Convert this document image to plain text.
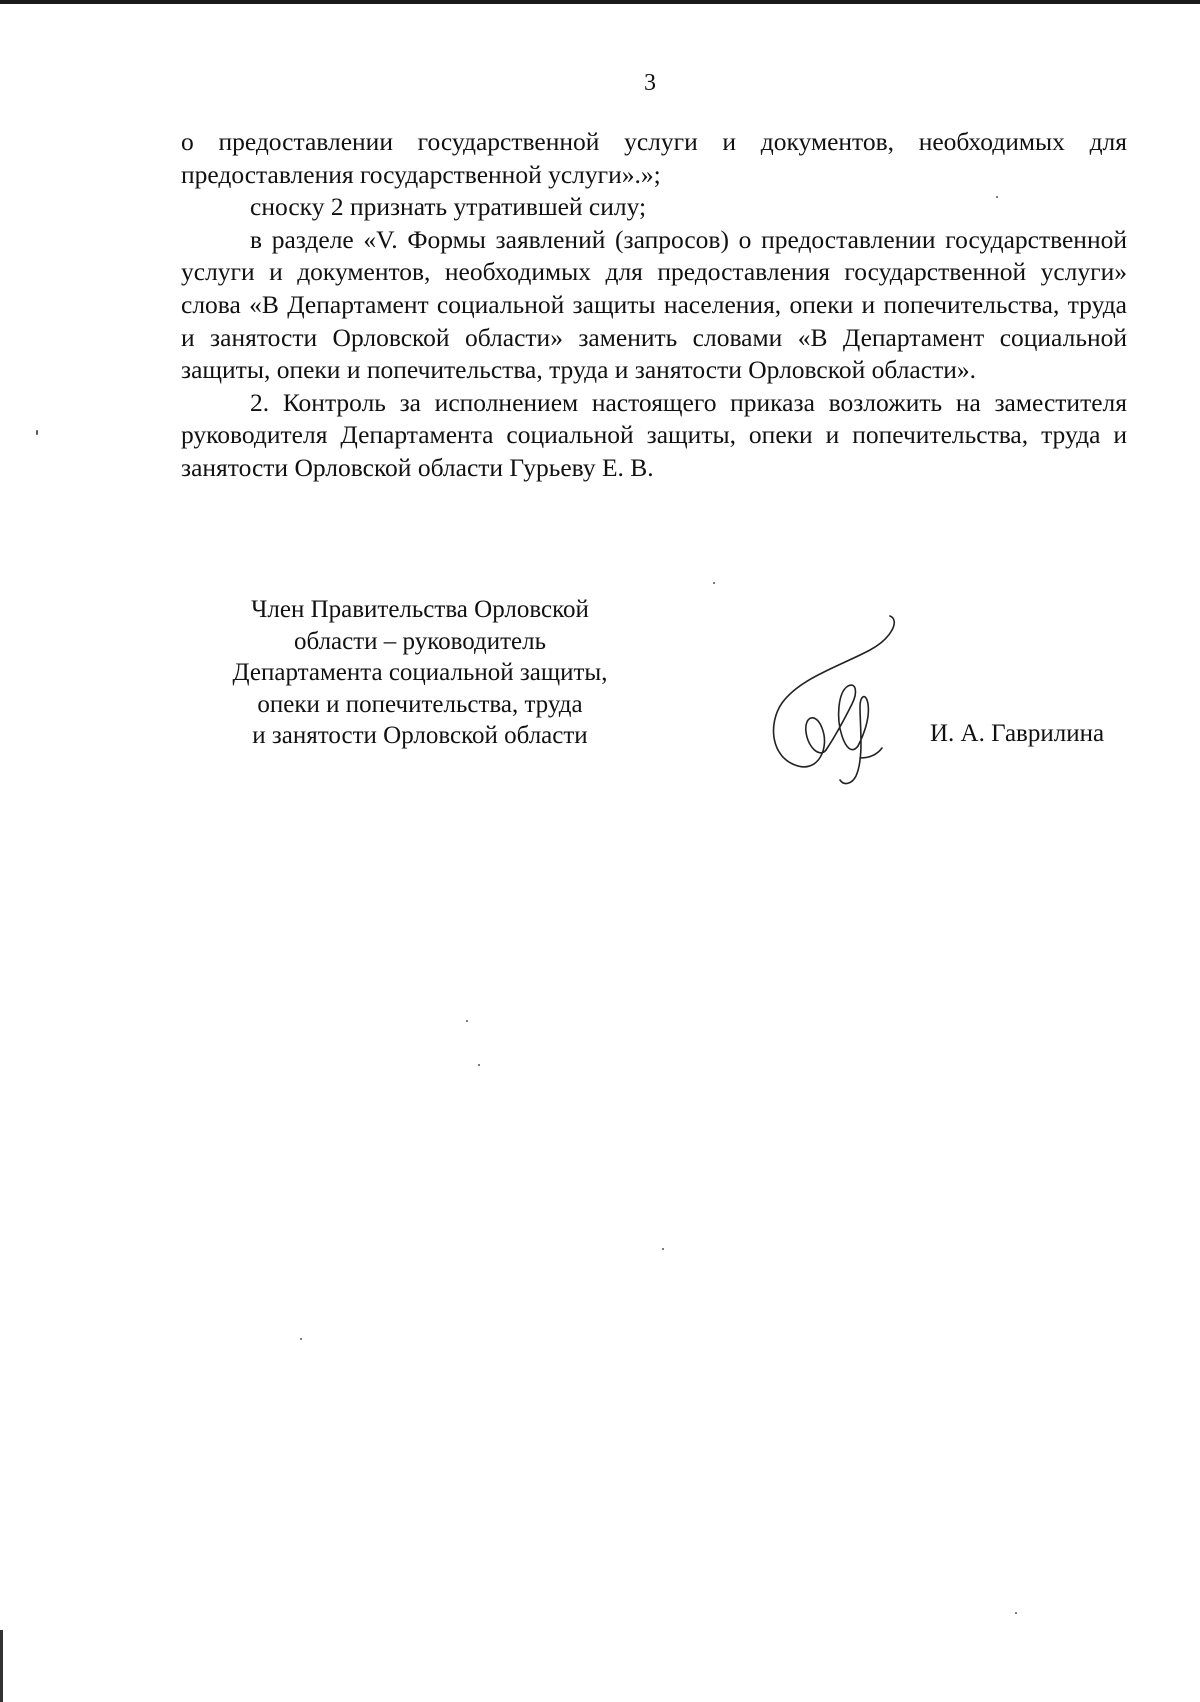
3

о предоставлении государственной услуги и документов, необходимых для предоставления государственной услуги».»;

сноску 2 признать утратившей силу;

в разделе «V. Формы заявлений (запросов) о предоставлении государственной услуги и документов, необходимых для предоставления государственной услуги» слова «В Департамент социальной защиты населения, опеки и попечительства, труда и занятости Орловской области» заменить словами «В Департамент социальной защиты, опеки и попечительства, труда и занятости Орловской области».

2. Контроль за исполнением настоящего приказа возложить на заместителя руководителя Департамента социальной защиты, опеки и попечительства, труда и занятости Орловской области Гурьеву Е. В.

Член Правительства Орловской
области – руководитель
Департамента социальной защиты,
опеки и попечительства, труда
и занятости Орловской области	И. А. Гаврилина
